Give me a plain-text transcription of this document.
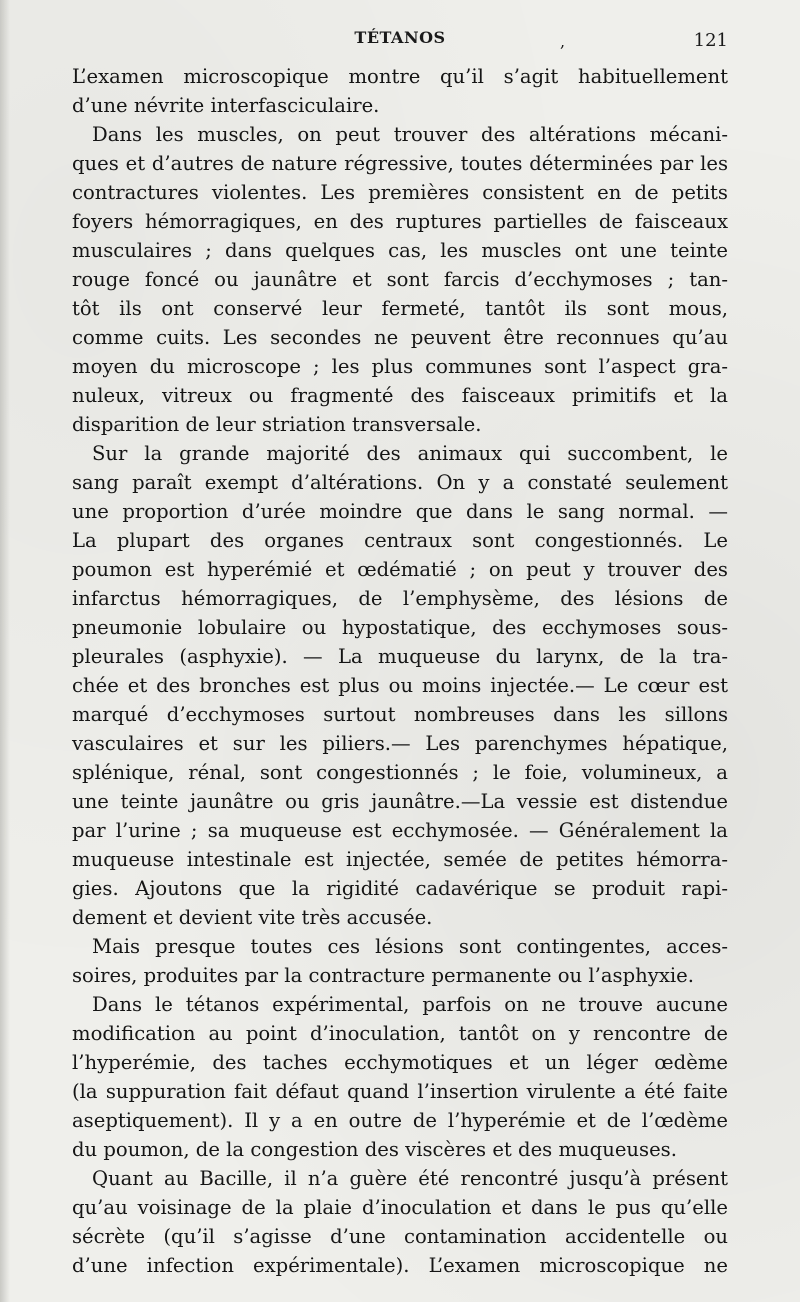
TÉTANOS	,	121
L’examen microscopique montre qu’il s’agit habituellement
d’une névrite interfasciculaire.
Dans les muscles, on peut trouver des altérations mécani-
ques et d’autres de nature régressive, toutes déterminées par les
contractures violentes. Les premières consistent en de petits
foyers hémorragiques, en des ruptures partielles de faisceaux
musculaires ; dans quelques cas, les muscles ont une teinte
rouge foncé ou jaunâtre et sont farcis d’ecchymoses ; tan-
tôt ils ont conservé leur fermeté, tantôt ils sont mous,
comme cuits. Les secondes ne peuvent être reconnues qu’au
moyen du microscope ; les plus communes sont l’aspect gra-
nuleux, vitreux ou fragmenté des faisceaux primitifs et la
disparition de leur striation transversale.
Sur la grande majorité des animaux qui succombent, le
sang paraît exempt d’altérations. On y a constaté seulement
une proportion d’urée moindre que dans le sang normal. —
La plupart des organes centraux sont congestionnés. Le
poumon est hyperémié et œdématié ; on peut y trouver des
infarctus hémorragiques, de l’emphysème, des lésions de
pneumonie lobulaire ou hypostatique, des ecchymoses sous-
pleurales (asphyxie). — La muqueuse du larynx, de la tra-
chée et des bronches est plus ou moins injectée.— Le cœur est
marqué d’ecchymoses surtout nombreuses dans les sillons
vasculaires et sur les piliers.— Les parenchymes hépatique,
splénique, rénal, sont congestionnés ; le foie, volumineux, a
une teinte jaunâtre ou gris jaunâtre.—La vessie est distendue
par l’urine ; sa muqueuse est ecchymosée. — Généralement la
muqueuse intestinale est injectée, semée de petites hémorra-
gies. Ajoutons que la rigidité cadavérique se produit rapi-
dement et devient vite très accusée.
Mais presque toutes ces lésions sont contingentes, acces-
soires, produites par la contracture permanente ou l’asphyxie.
Dans le tétanos expérimental, parfois on ne trouve aucune
modification au point d’inoculation, tantôt on y rencontre de
l’hyperémie, des taches ecchymotiques et un léger œdème
(la suppuration fait défaut quand l’insertion virulente a été faite
aseptiquement). Il y a en outre de l’hyperémie et de l’œdème
du poumon, de la congestion des viscères et des muqueuses.
Quant au Bacille, il n’a guère été rencontré jusqu’à présent
qu’au voisinage de la plaie d’inoculation et dans le pus qu’elle
sécrète (qu’il s’agisse d’une contamination accidentelle ou
d’une infection expérimentale). L’examen microscopique ne
